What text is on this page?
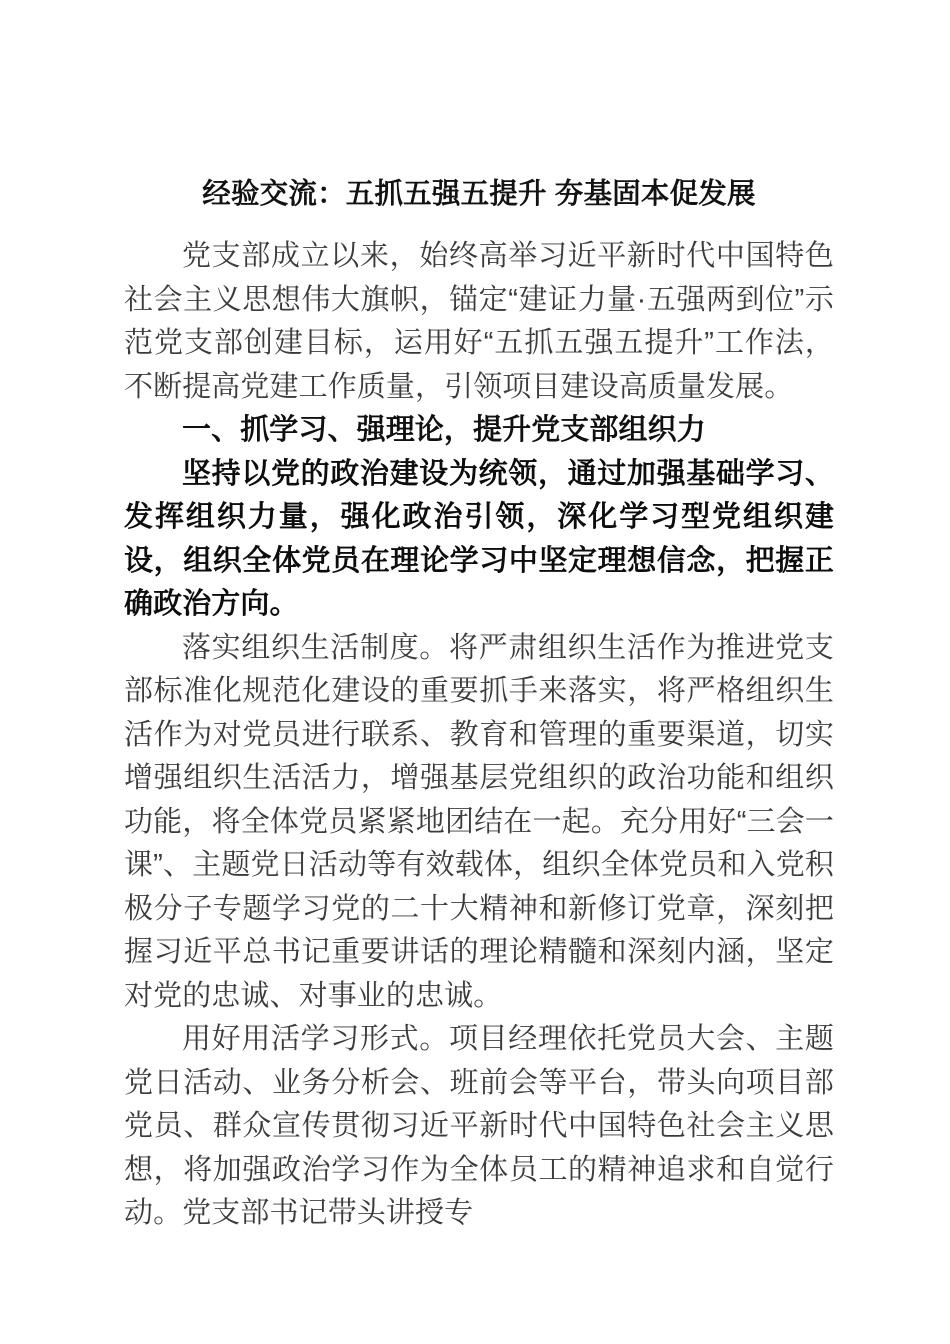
经验交流：五抓五强五提升 夯基固本促发展

党支部成立以来，始终高举习近平新时代中国特色社会主义思想伟大旗帜，锚定“建证力量·五强两到位”示范党支部创建目标，运用好“五抓五强五提升”工作法，不断提高党建工作质量，引领项目建设高质量发展。

一、抓学习、强理论，提升党支部组织力

坚持以党的政治建设为统领，通过加强基础学习、发挥组织力量，强化政治引领，深化学习型党组织建设，组织全体党员在理论学习中坚定理想信念，把握正确政治方向。

落实组织生活制度。将严肃组织生活作为推进党支部标准化规范化建设的重要抓手来落实，将严格组织生活作为对党员进行联系、教育和管理的重要渠道，切实增强组织生活活力，增强基层党组织的政治功能和组织功能，将全体党员紧紧地团结在一起。充分用好“三会一课”、主题党日活动等有效载体，组织全体党员和入党积极分子专题学习党的二十大精神和新修订党章，深刻把握习近平总书记重要讲话的理论精髓和深刻内涵，坚定对党的忠诚、对事业的忠诚。

用好用活学习形式。项目经理依托党员大会、主题党日活动、业务分析会、班前会等平台，带头向项目部党员、群众宣传贯彻习近平新时代中国特色社会主义思想，将加强政治学习作为全体员工的精神追求和自觉行动。党支部书记带头讲授专
